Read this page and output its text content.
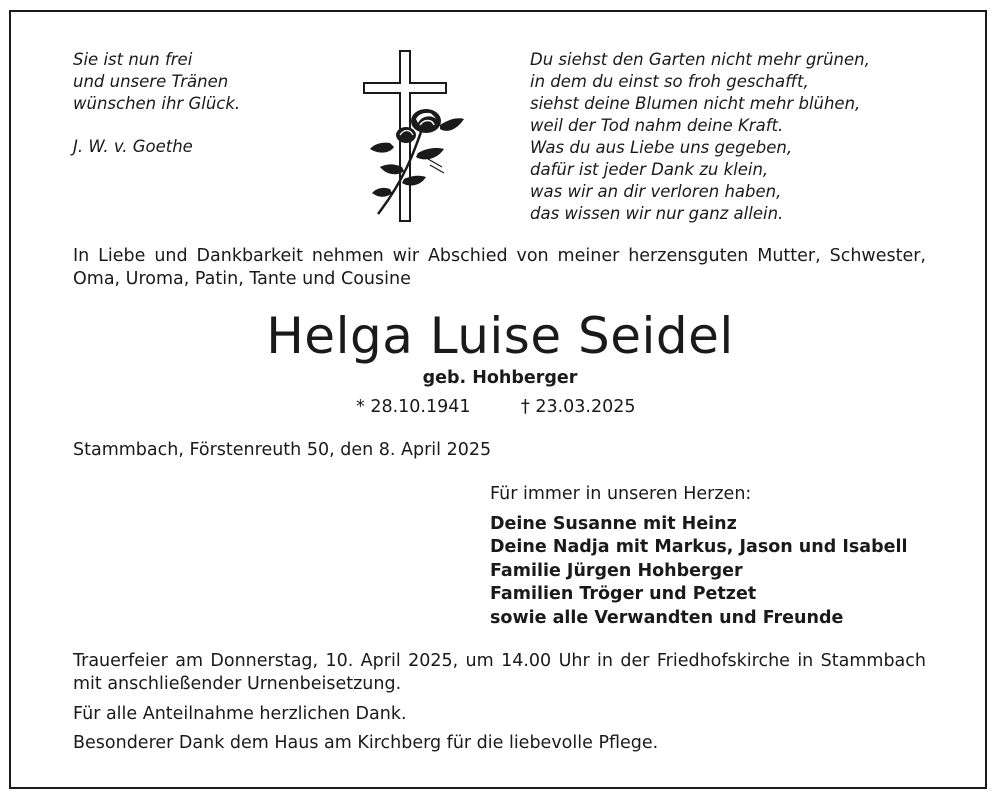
Sie ist nun frei
und unsere Tränen
wünschen ihr Glück.
J. W. v. Goethe
Du siehst den Garten nicht mehr grünen,
in dem du einst so froh geschafft,
siehst deine Blumen nicht mehr blühen,
weil der Tod nahm deine Kraft.
Was du aus Liebe uns gegeben,
dafür ist jeder Dank zu klein,
was wir an dir verloren haben,
das wissen wir nur ganz allein.
In Liebe und Dankbarkeit nehmen wir Abschied von meiner herzensguten Mutter, Schwester, Oma, Uroma, Patin, Tante und Cousine
Helga Luise Seidel
geb. Hohberger
* 28.10.1941	† 23.03.2025
Stammbach, Förstenreuth 50, den 8. April 2025
Für immer in unseren Herzen:
Deine Susanne mit Heinz
Deine Nadja mit Markus, Jason und Isabell
Familie Jürgen Hohberger
Familien Tröger und Petzet
sowie alle Verwandten und Freunde
Trauerfeier am Donnerstag, 10. April 2025, um 14.00 Uhr in der Friedhofskirche in Stammbach mit anschließender Urnenbeisetzung.
Für alle Anteilnahme herzlichen Dank.
Besonderer Dank dem Haus am Kirchberg für die liebevolle Pflege.
